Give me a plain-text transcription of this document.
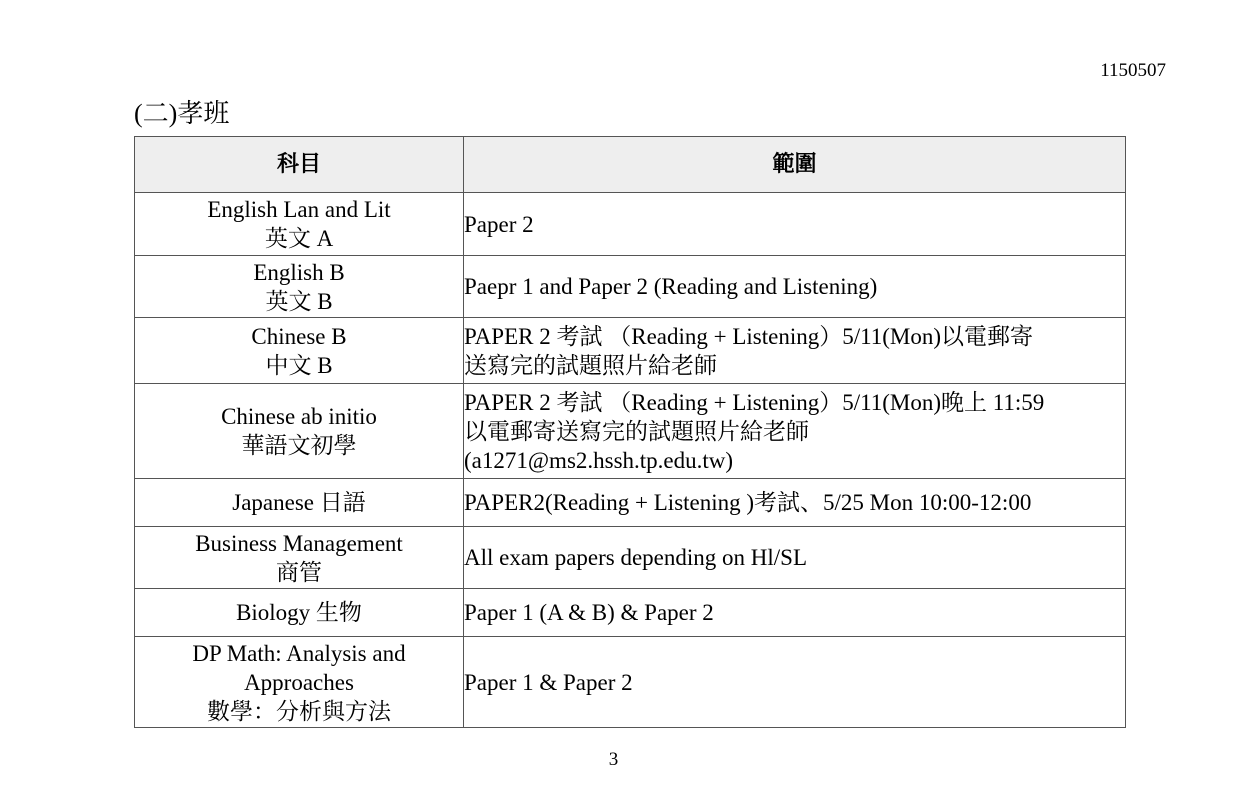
1150507
(二)孝班
科目	範圍

English Lan and Lit
英文 A	Paper 2

English B
英文 B	Paepr 1 and Paper 2 (Reading and Listening)

Chinese B
中文 B	PAPER 2 考試 （Reading + Listening）5/11(Mon)以電郵寄
送寫完的試題照片給老師

Chinese ab initio
華語文初學	PAPER 2 考試 （Reading + Listening）5/11(Mon)晚上 11:59
以電郵寄送寫完的試題照片給老師
(a1271@ms2.hssh.tp.edu.tw)

Japanese 日語	PAPER2(Reading + Listening )考試、5/25 Mon 10:00-12:00

Business Management
商管	All exam papers depending on Hl/SL

Biology 生物	Paper 1 (A & B) & Paper 2

DP Math: Analysis and
Approaches
數學：分析與方法	Paper 1 & Paper 2
3
